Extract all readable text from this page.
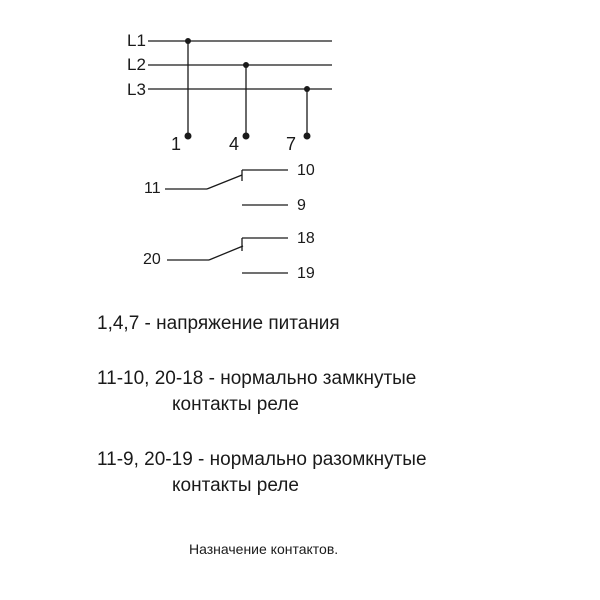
L1
L2
L3
1	4	7
11
10
9
20
18
19

1,4,7 - напряжение питания

11-10, 20-18 - нормально замкнутые

контакты реле

11-9, 20-19 - нормально разомкнутые

контакты реле

Назначение контактов.
